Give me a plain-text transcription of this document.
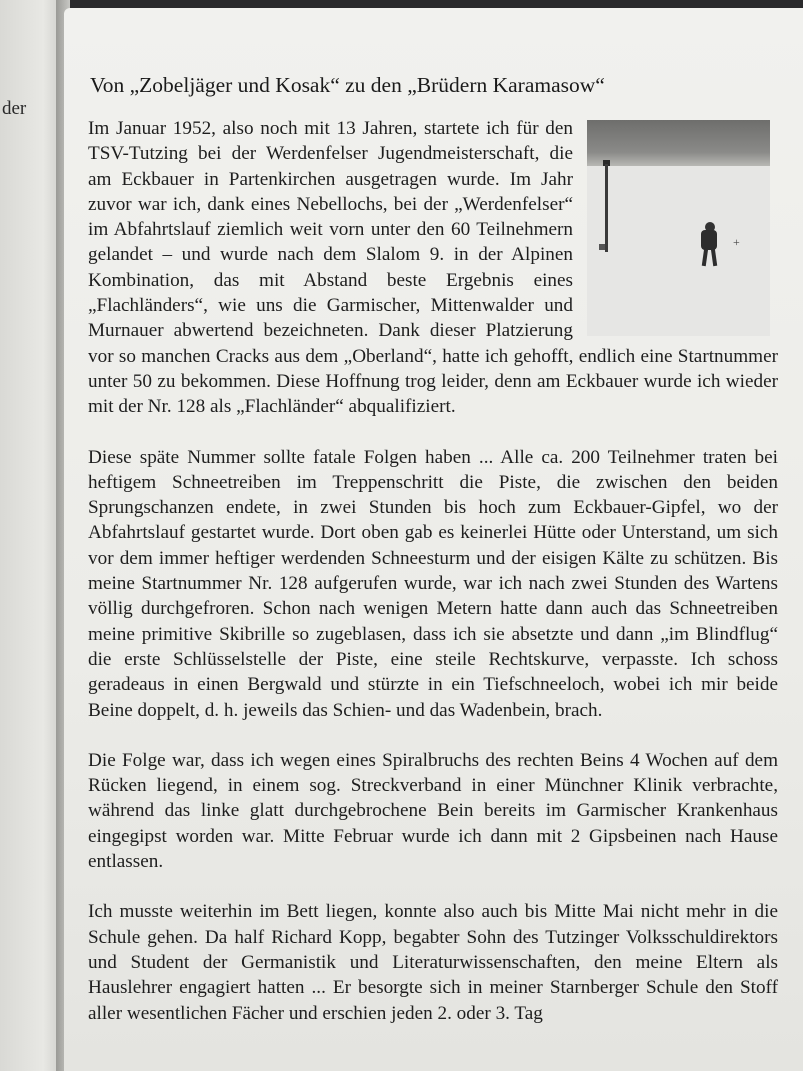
der
Von „Zobeljäger und Kosak“ zu den „Brüdern Karamasow“
+

Im Januar 1952, also noch mit 13 Jahren, startete ich für den TSV-Tutzing bei der Werdenfelser Jugendmeisterschaft, die am Eckbauer in Partenkirchen ausgetragen wurde. Im Jahr zuvor war ich, dank eines Nebellochs, bei der „Werdenfelser“ im Abfahrtslauf ziemlich weit vorn unter den 60 Teilnehmern gelandet – und wurde nach dem Slalom 9. in der Alpinen Kombination, das mit Abstand beste Ergebnis eines „Flachländers“, wie uns die Garmischer, Mittenwalder und Murnauer abwertend bezeichneten. Dank dieser Platzierung vor so manchen Cracks aus dem „Oberland“, hatte ich gehofft, endlich eine Startnummer unter 50 zu bekommen. Diese Hoffnung trog leider, denn am Eckbauer wurde ich wieder mit der Nr. 128 als „Flachländer“ abqualifiziert.

Diese späte Nummer sollte fatale Folgen haben ... Alle ca. 200 Teilnehmer traten bei heftigem Schneetreiben im Treppenschritt die Piste, die zwischen den beiden Sprungschanzen endete, in zwei Stunden bis hoch zum Eckbauer-Gipfel, wo der Abfahrtslauf gestartet wurde. Dort oben gab es keinerlei Hütte oder Unterstand, um sich vor dem immer heftiger werdenden Schneesturm und der eisigen Kälte zu schützen. Bis meine Startnummer Nr. 128 aufgerufen wurde, war ich nach zwei Stunden des Wartens völlig durchgefroren. Schon nach wenigen Metern hatte dann auch das Schneetreiben meine primitive Skibrille so zugeblasen, dass ich sie absetzte und dann „im Blindflug“ die erste Schlüsselstelle der Piste, eine steile Rechtskurve, verpasste. Ich schoss geradeaus in einen Bergwald und stürzte in ein Tiefschneeloch, wobei ich mir beide Beine doppelt, d. h. jeweils das Schien- und das Wadenbein, brach.

Die Folge war, dass ich wegen eines Spiralbruchs des rechten Beins 4 Wochen auf dem Rücken liegend, in einem sog. Streckverband in einer Münchner Klinik verbrachte, während das linke glatt durchgebrochene Bein bereits im Garmischer Krankenhaus eingegipst worden war. Mitte Februar wurde ich dann mit 2 Gipsbeinen nach Hause entlassen.

Ich musste weiterhin im Bett liegen, konnte also auch bis Mitte Mai nicht mehr in die Schule gehen. Da half Richard Kopp, begabter Sohn des Tutzinger Volksschuldirektors und Student der Germanistik und Literaturwissenschaften, den meine Eltern als Hauslehrer engagiert hatten ... Er besorgte sich in meiner Starnberger Schule den Stoff aller wesentlichen Fächer und erschien jeden 2. oder 3. Tag
